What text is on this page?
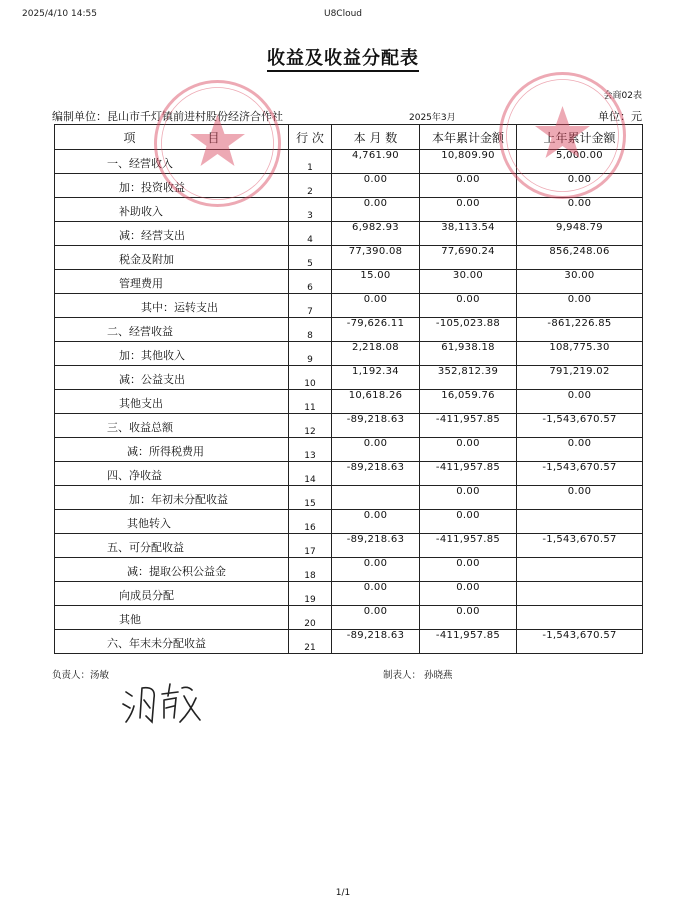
2025/4/10 14:55	U8Cloud
收益及收益分配表
会商02表
编制单位：昆山市千灯镇前进村股份经济合作社	2025年3月	单位：元
项　　　　　　目	行 次	本 月 数	本年累计金额	上年累计金额

一、经营收入	1	4,761.90	10,809.90	5,000.00

加：投资收益	2	0.00	0.00	0.00

补助收入	3	0.00	0.00	0.00

减：经营支出	4	6,982.93	38,113.54	9,948.79

税金及附加	5	77,390.08	77,690.24	856,248.06

管理费用	6	15.00	30.00	30.00

其中：运转支出	7	0.00	0.00	0.00

二、经营收益	8	-79,626.11	-105,023.88	-861,226.85

加：其他收入	9	2,218.08	61,938.18	108,775.30

减：公益支出	10	1,192.34	352,812.39	791,219.02

其他支出	11	10,618.26	16,059.76	0.00

三、收益总额	12	-89,218.63	-411,957.85	-1,543,670.57

减：所得税费用	13	0.00	0.00	0.00

四、净收益	14	-89,218.63	-411,957.85	-1,543,670.57

加：年初未分配收益	15		0.00	0.00

其他转入	16	0.00	0.00	

五、可分配收益	17	-89,218.63	-411,957.85	-1,543,670.57

减：提取公积公益金	18	0.00	0.00	

向成员分配	19	0.00	0.00	

其他	20	0.00	0.00	

六、年末未分配收益	21	-89,218.63	-411,957.85	-1,543,670.57
负责人：汤敏	制表人： 孙晓燕
1/1
